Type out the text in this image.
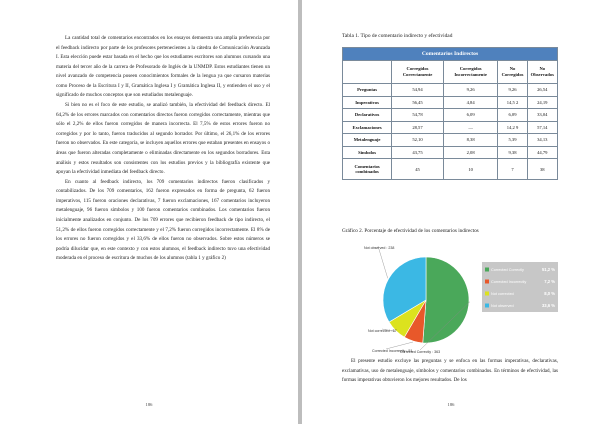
La cantidad total de comentarios encontrados en los ensayos demuestra una amplia preferencia por el feedback indirecto por parte de los profesores pertenecientes a la cátedra de Comunicación Avanzada I. Esta elección puede estar basada en el hecho que los estudiantes escritores son alumnos cursando una materia del tercer año de la carrera de Profesorado de Inglés de la UNMDP. Estos estudiantes tienen un nivel avanzado de competencia poseen conocimientos formales de la lengua ya que cursaron materias como Proceso de la Escritura I y II, Gramática Inglesa I y Gramática Inglesa II, y entienden el uso y el significado de muchos conceptos que son estudiados metalenguaje.

Si bien no es el foco de este estudio, se analizó también, la efectividad del feedback directo. El 64,2% de los errores marcados con comentarios directos fueron corregidos correctamente, mientras que sólo el 2,2% de ellos fueron corregidos de manera incorrecta. El 7,5% de estos errores fueron no corregidos y por lo tanto, fueron traducidos al segundo borrador. Por último, el 26,1% de los errores fueron no observados. En este categoría, se incluyen aquellos errores que estaban presentes en ensayos o áreas que fueron alteradas completamente o eliminadas directamente en los segundos borradores. Esta análisis y estos resultados son consistentes con los estudios previos y la bibliografía existente que apoyan la efectividad inmediata del feedback directo.

En cuanto al feedback indirecto, los 709 comentarios indirectos fueron clasificados y contabilizados. De los 709 comentarios, 162 fueron expresados en forma de pregunta, 62 fueron imperativos, 115 fueron oraciones declarativas, 7 fueron exclamaciones, 167 comentarios incluyeron metalenguaje, 96 fueron símbolos y 100 fueron comentarios combinados. Los comentarios fueron inicialmente analizados en conjunto. De los 709 errores que recibieron feedback de tipo indirecto, el 51,2% de ellos fueron corregidos correctamente y el 7,2% fueron corregidos incorrectamente. El 8% de los errores no fueron corregidos y el 33,6% de ellos fueron no observados. Sobre estos números se podría dilucidar que, en este contexto y con estos alumnos, el feedback indirecto tuvo una efectividad moderada en el proceso de escritura de muchos de los alumnos (tabla 1 y gráfico 2)

186
Tabla 1. Tipo de comentario indirecto y efectividad
Comentarios Indirectos				
	Corregidos Correctamente	Corregidos Incorrectamente	No Corregidos	No Observados
Preguntas	54,94	9,26	9,26	26,54
Imperativos	56,45	4,84	14,5 2	24,19
Declarativos	54,78	6,09	6,09	33,04
Exclamaciones	28,57	—	14,2 9	57,14
Metalenguaje	52,10	8,38	5,39	34,13
Símbolos	43,75	2,08	9,38	44,79
Comentarios combinados	45	10	7	38
Gráfico 2. Porcentaje de efectividad de los comentarios indirectos
Corrected Correctly : 363
Corrected Incorrectly : 51
Not corrected : 57
Not observed : 238
Corrected Correctly	51,2 %
Corrected Incorrectly	7,2 %
Not corrected	8,0 %
Not observed	33,6 %

El presente estudio excluye las preguntas y se enfoca en las formas imperativas, declarativas, exclamativas, uso de metalenguaje, símbolos y comentarios combinados. En términos de efectividad, las formas imperativas obtuvieron los mejores resultados. De los

186
